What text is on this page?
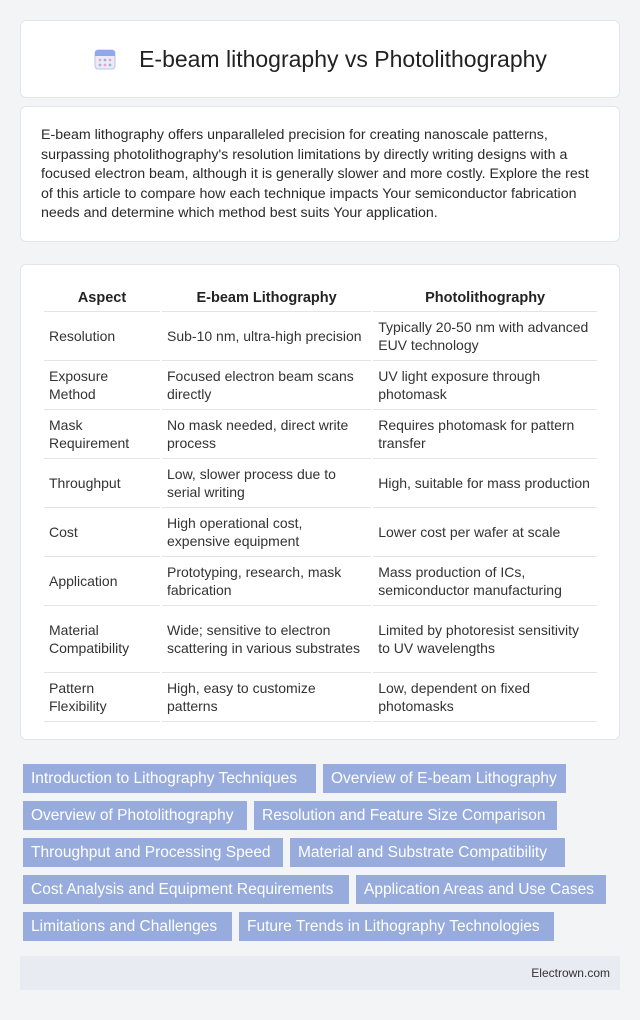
E-beam lithography vs Photolithography

E-beam lithography offers unparalleled precision for creating nanoscale patterns, surpassing photolithography's resolution limitations by directly writing designs with a focused electron beam, although it is generally slower and more costly. Explore the rest of this article to compare how each technique impacts Your semiconductor fabrication needs and determine which method best suits Your application.

Aspect	E-beam Lithography	Photolithography
Resolution	Sub-10 nm, ultra-high precision	Typically 20-50 nm with advanced EUV technology
Exposure Method	Focused electron beam scans directly	UV light exposure through photomask
Mask Requirement	No mask needed, direct write process	Requires photomask for pattern transfer
Throughput	Low, slower process due to serial writing	High, suitable for mass production
Cost	High operational cost, expensive equipment	Lower cost per wafer at scale
Application	Prototyping, research, mask fabrication	Mass production of ICs, semiconductor manufacturing
Material Compatibility	Wide; sensitive to electron scattering in various substrates	Limited by photoresist sensitivity to UV wavelengths
Pattern Flexibility	High, easy to customize patterns	Low, dependent on fixed photomasks
Introduction to Lithography Techniques	Overview of E-beam Lithography
Overview of Photolithography	Resolution and Feature Size Comparison
Throughput and Processing Speed	Material and Substrate Compatibility
Cost Analysis and Equipment Requirements	Application Areas and Use Cases
Limitations and Challenges	Future Trends in Lithography Technologies
Electrown.com
